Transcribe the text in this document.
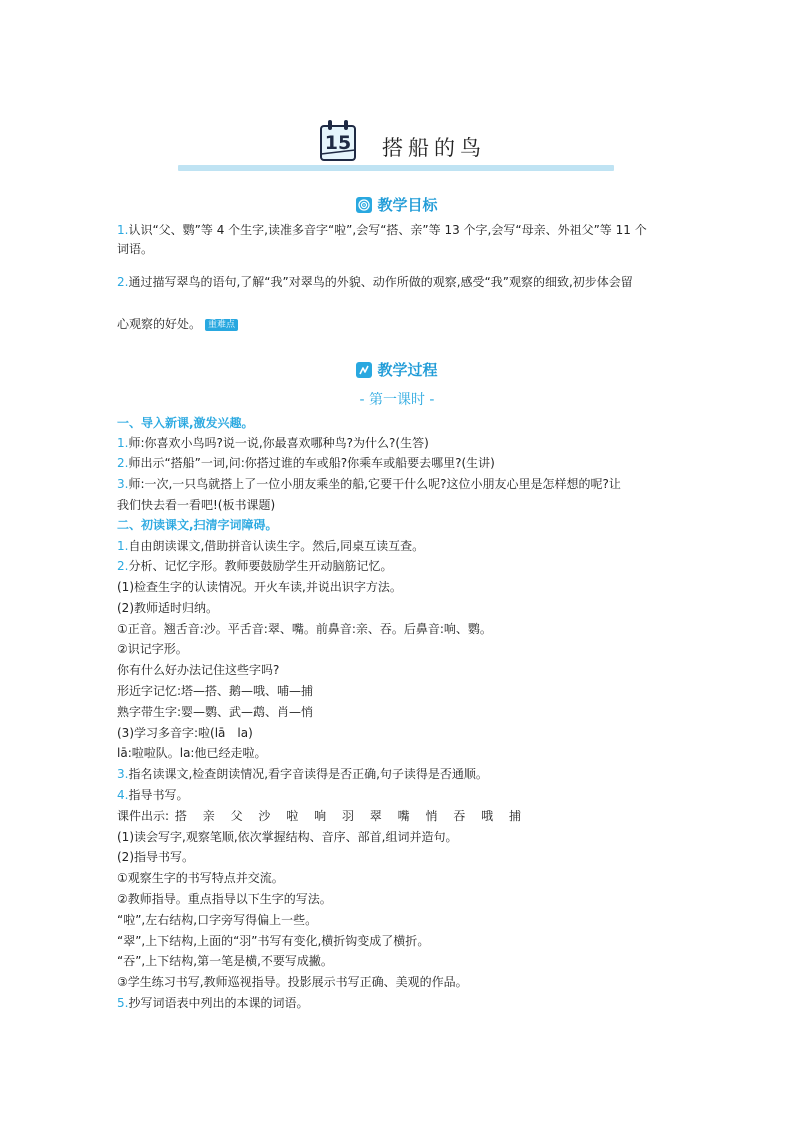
15	搭船的鸟
教学目标
1.认识“父、鹦”等 4 个生字,读准多音字“啦”,会写“搭、亲”等 13 个字,会写“母亲、外祖父”等 11 个
词语。
2.通过描写翠鸟的语句,了解“我”对翠鸟的外貌、动作所做的观察,感受“我”观察的细致,初步体会留
心观察的好处。 重难点
教学过程
- 第一课时 -
一、导入新课,激发兴趣。
1.师:你喜欢小鸟吗?说一说,你最喜欢哪种鸟?为什么?(生答)
2.师出示“搭船”一词,问:你搭过谁的车或船?你乘车或船要去哪里?(生讲)
3.师:一次,一只鸟就搭上了一位小朋友乘坐的船,它要干什么呢?这位小朋友心里是怎样想的呢?让
我们快去看一看吧!(板书课题)
二、初读课文,扫清字词障碍。
1.自由朗读课文,借助拼音认读生字。然后,同桌互读互查。
2.分析、记忆字形。教师要鼓励学生开动脑筋记忆。
(1)检查生字的认读情况。开火车读,并说出识字方法。
(2)教师适时归纳。
①正音。翘舌音:沙。平舌音:翠、嘴。前鼻音:亲、吞。后鼻音:响、鹦。
②识记字形。
你有什么好办法记住这些字吗?
形近字记忆:塔—搭、鹅—哦、哺—捕
熟字带生字:婴—鹦、武—鹉、肖—悄
(3)学习多音字:啦(lā　la)
lā:啦啦队。la:他已经走啦。
3.指名读课文,检查朗读情况,看字音读得是否正确,句子读得是否通顺。
4.指导书写。
课件出示: 搭 亲 父 沙 啦 响 羽 翠 嘴 悄 吞 哦 捕
(1)读会写字,观察笔顺,依次掌握结构、音序、部首,组词并造句。
(2)指导书写。
①观察生字的书写特点并交流。
②教师指导。重点指导以下生字的写法。
“啦”,左右结构,口字旁写得偏上一些。
“翠”,上下结构,上面的“羽”书写有变化,横折钩变成了横折。
“吞”,上下结构,第一笔是横,不要写成撇。
③学生练习书写,教师巡视指导。投影展示书写正确、美观的作品。
5.抄写词语表中列出的本课的词语。
